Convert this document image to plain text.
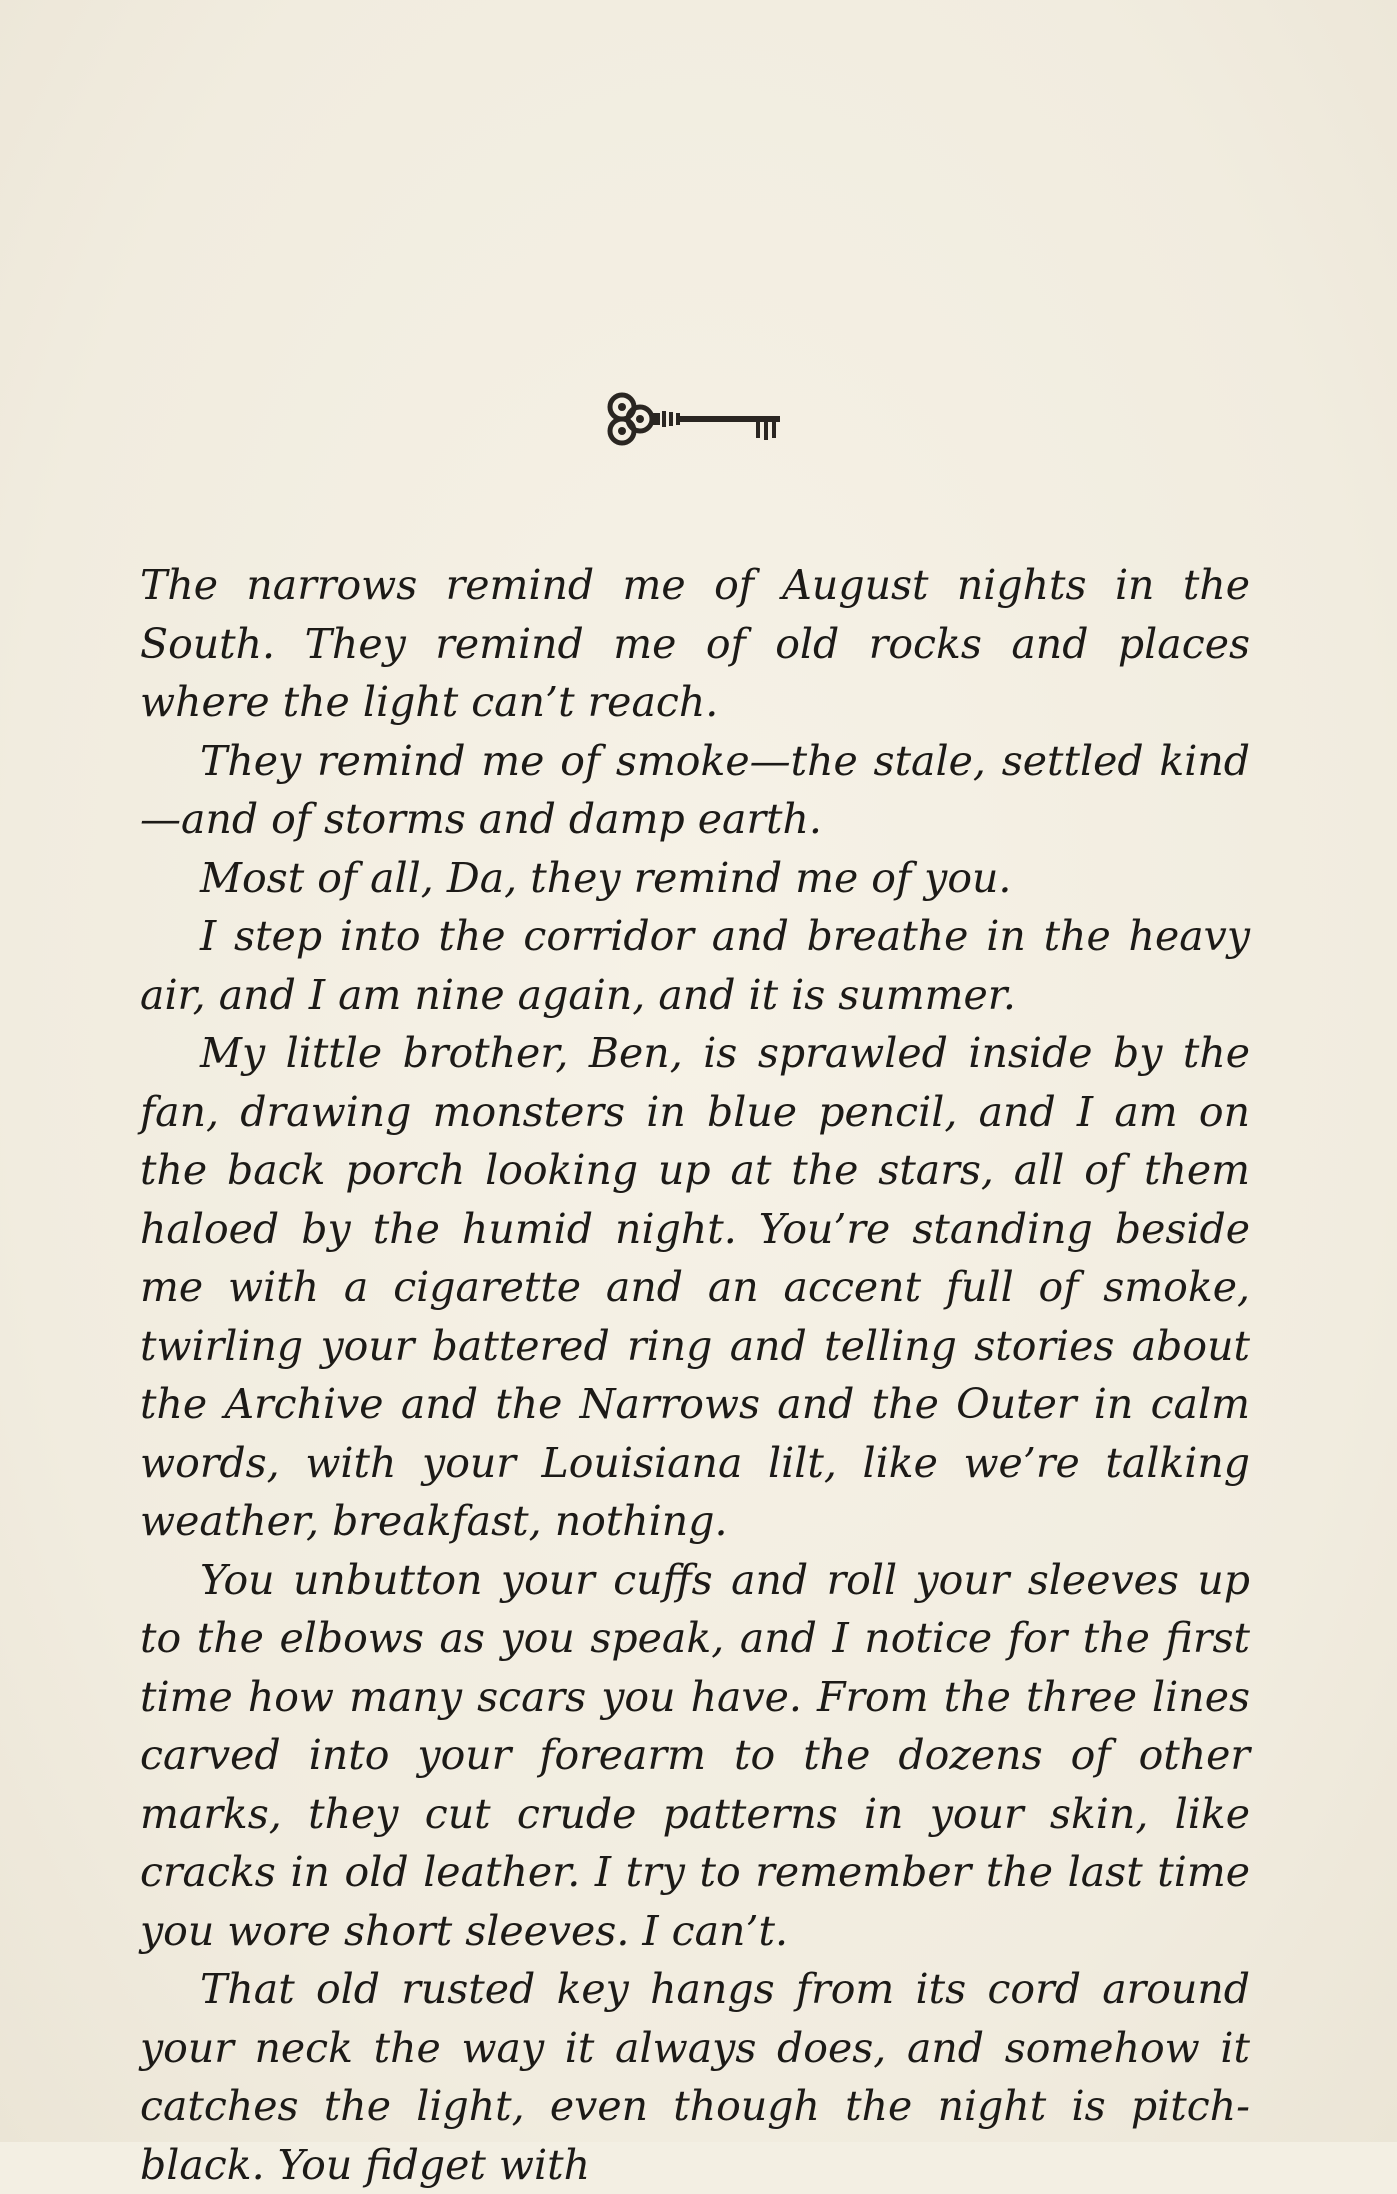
The narrows remind me of August nights in the South. They remind me of old rocks and places where the light can’t reach.

They remind me of smoke—the stale, settled kind—and of storms and damp earth.

Most of all, Da, they remind me of you.

I step into the corridor and breathe in the heavy air, and I am nine again, and it is summer.

My little brother, Ben, is sprawled inside by the fan, drawing monsters in blue pencil, and I am on the back porch looking up at the stars, all of them haloed by the humid night. You’re standing beside me with a cigarette and an accent full of smoke, twirling your battered ring and telling stories about the Archive and the Narrows and the Outer in calm words, with your Louisiana lilt, like we’re talking weather, breakfast, nothing.

You unbutton your cuffs and roll your sleeves up to the elbows as you speak, and I notice for the first time how many scars you have. From the three lines carved into your forearm to the dozens of other marks, they cut crude patterns in your skin, like cracks in old leather. I try to remember the last time you wore short sleeves. I can’t.

That old rusted key hangs from its cord around your neck the way it always does, and somehow it catches the light, even though the night is pitch-black. You fidget with
